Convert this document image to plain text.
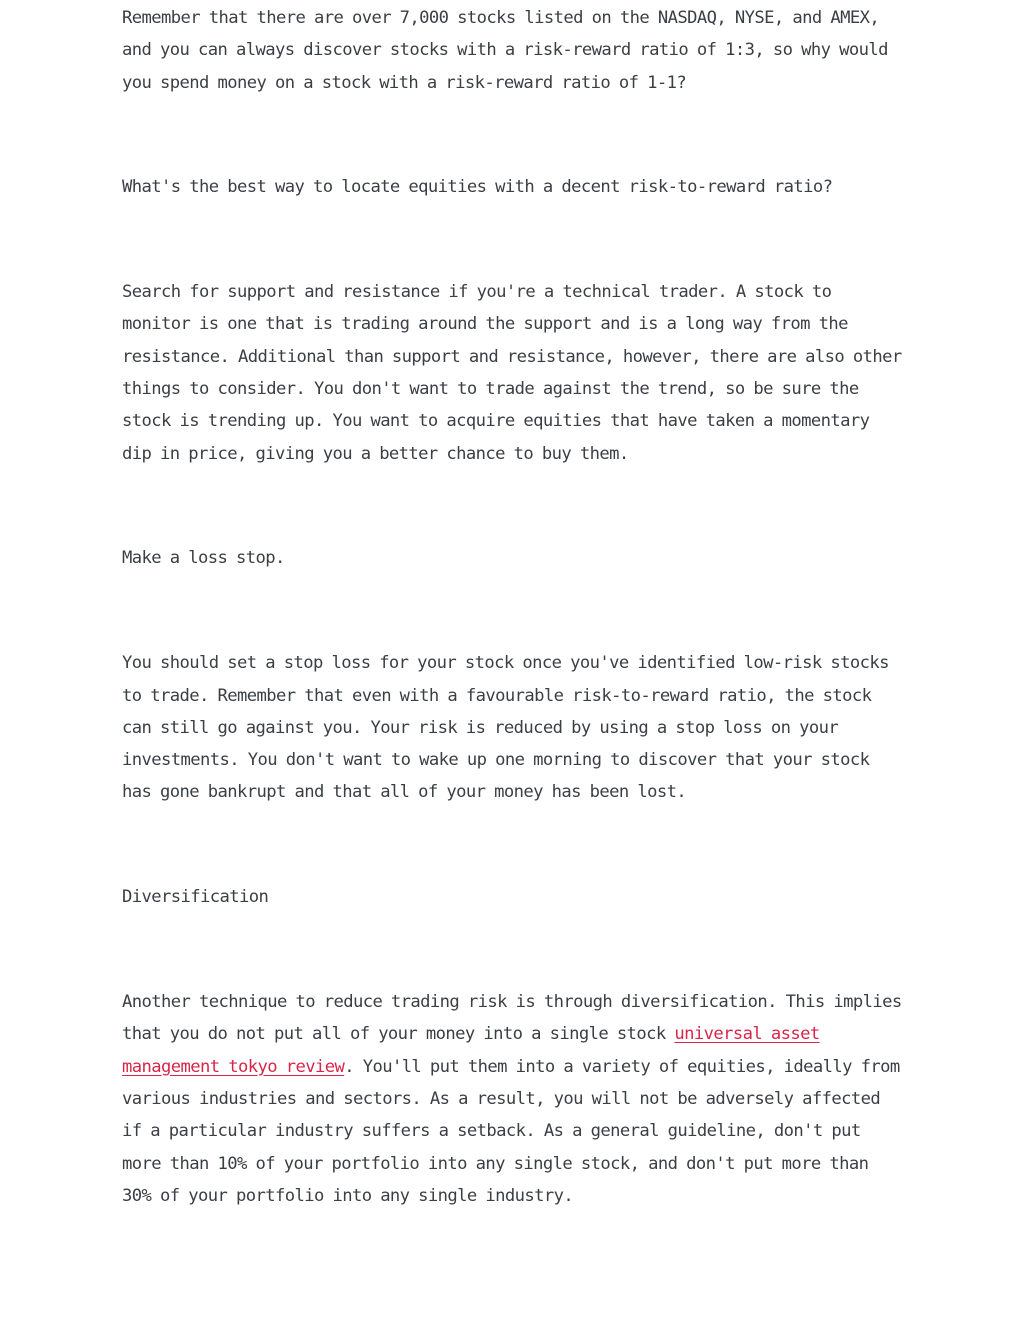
Remember that there are over 7,000 stocks listed on the NASDAQ, NYSE, and AMEX, and you can always discover stocks with a risk-reward ratio of 1:3, so why would you spend money on a stock with a risk-reward ratio of 1-1?

What's the best way to locate equities with a decent risk-to-reward ratio?

Search for support and resistance if you're a technical trader. A stock to monitor is one that is trading around the support and is a long way from the resistance. Additional than support and resistance, however, there are also other things to consider. You don't want to trade against the trend, so be sure the stock is trending up. You want to acquire equities that have taken a momentary dip in price, giving you a better chance to buy them.

Make a loss stop.

You should set a stop loss for your stock once you've identified low-risk stocks to trade. Remember that even with a favourable risk-to-reward ratio, the stock can still go against you. Your risk is reduced by using a stop loss on your investments. You don't want to wake up one morning to discover that your stock has gone bankrupt and that all of your money has been lost.

Diversification

Another technique to reduce trading risk is through diversification. This implies that you do not put all of your money into a single stock universal asset management tokyo review. You'll put them into a variety of equities, ideally from various industries and sectors. As a result, you will not be adversely affected if a particular industry suffers a setback. As a general guideline, don't put more than 10% of your portfolio into any single stock, and don't put more than 30% of your portfolio into any single industry.
